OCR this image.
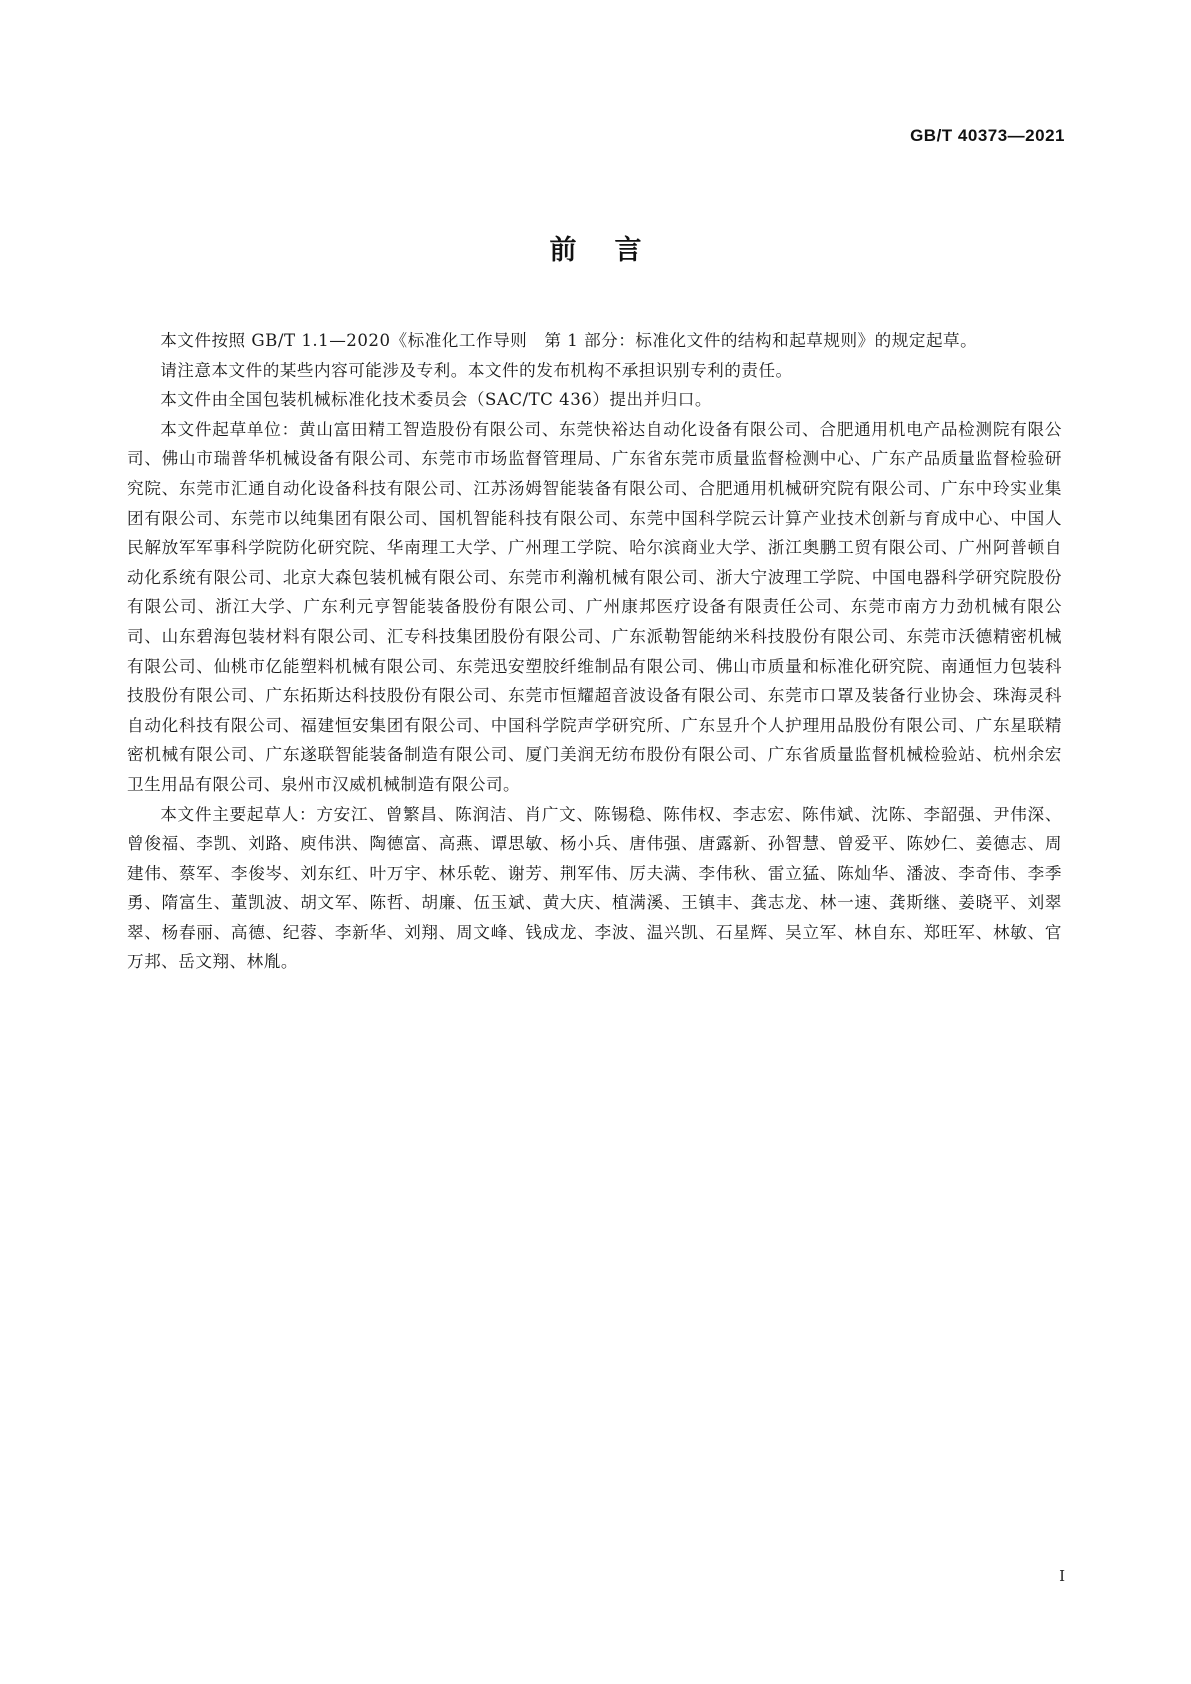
GB/T 40373—2021
前言

本文件按照 GB/T 1.1—2020《标准化工作导则　第 1 部分：标准化文件的结构和起草规则》的规定起草。

请注意本文件的某些内容可能涉及专利。本文件的发布机构不承担识别专利的责任。

本文件由全国包装机械标准化技术委员会（SAC/TC 436）提出并归口。

本文件起草单位：黄山富田精工智造股份有限公司、东莞快裕达自动化设备有限公司、合肥通用机电产品检测院有限公司、佛山市瑞普华机械设备有限公司、东莞市市场监督管理局、广东省东莞市质量监督检测中心、广东产品质量监督检验研究院、东莞市汇通自动化设备科技有限公司、江苏汤姆智能装备有限公司、合肥通用机械研究院有限公司、广东中玲实业集团有限公司、东莞市以纯集团有限公司、国机智能科技有限公司、东莞中国科学院云计算产业技术创新与育成中心、中国人民解放军军事科学院防化研究院、华南理工大学、广州理工学院、哈尔滨商业大学、浙江奥鹏工贸有限公司、广州阿普顿自动化系统有限公司、北京大森包装机械有限公司、东莞市利瀚机械有限公司、浙大宁波理工学院、中国电器科学研究院股份有限公司、浙江大学、广东利元亨智能装备股份有限公司、广州康邦医疗设备有限责任公司、东莞市南方力劲机械有限公司、山东碧海包装材料有限公司、汇专科技集团股份有限公司、广东派勒智能纳米科技股份有限公司、东莞市沃德精密机械有限公司、仙桃市亿能塑料机械有限公司、东莞迅安塑胶纤维制品有限公司、佛山市质量和标准化研究院、南通恒力包装科技股份有限公司、广东拓斯达科技股份有限公司、东莞市恒耀超音波设备有限公司、东莞市口罩及装备行业协会、珠海灵科自动化科技有限公司、福建恒安集团有限公司、中国科学院声学研究所、广东昱升个人护理用品股份有限公司、广东星联精密机械有限公司、广东遂联智能装备制造有限公司、厦门美润无纺布股份有限公司、广东省质量监督机械检验站、杭州余宏卫生用品有限公司、泉州市汉威机械制造有限公司。

本文件主要起草人：方安江、曾繁昌、陈润洁、肖广文、陈锡稳、陈伟权、李志宏、陈伟斌、沈陈、李韶强、尹伟深、曾俊福、李凯、刘路、庾伟洪、陶德富、高燕、谭思敏、杨小兵、唐伟强、唐露新、孙智慧、曾爱平、陈妙仁、姜德志、周建伟、蔡军、李俊岑、刘东红、叶万宇、林乐乾、谢芳、荆军伟、厉夫满、李伟秋、雷立猛、陈灿华、潘波、李奇伟、李季勇、隋富生、董凯波、胡文军、陈哲、胡廉、伍玉斌、黄大庆、植满溪、王镇丰、龚志龙、林一速、龚斯继、姜晓平、刘翠翠、杨春丽、高德、纪蓉、李新华、刘翔、周文峰、钱成龙、李波、温兴凯、石星辉、吴立军、林自东、郑旺军、林敏、官万邦、岳文翔、林胤。

I
